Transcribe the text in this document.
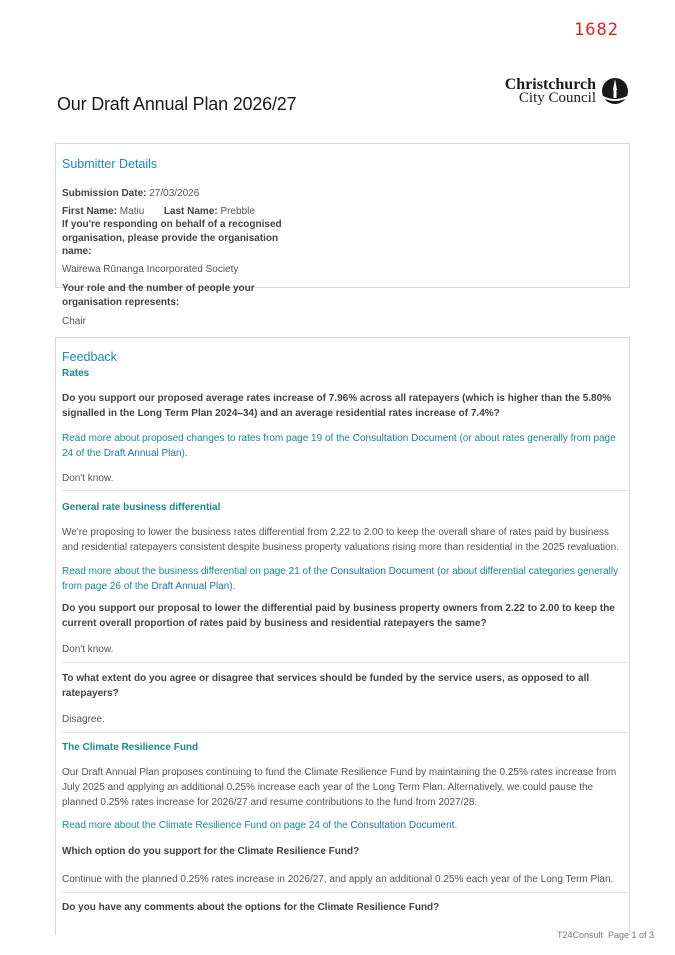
1682
Our Draft Annual Plan 2026/27
Christchurch
City Council
Submitter Details
Submission Date: 27/03/2026
First Name: Matiu Last Name: Prebble
If you're responding on behalf of a recognised organisation, please provide the organisation name:
Wairewa Rūnanga Incorporated Society
Your role and the number of people your organisation represents:
Chair
Feedback
Rates
Do you support our proposed average rates increase of 7.96% across all ratepayers (which is higher than the 5.80% signalled in the Long Term Plan 2024–34) and an average residential rates increase of 7.4%?
Read more about proposed changes to rates from page 19 of the Consultation Document (or about rates generally from page 24 of the Draft Annual Plan).
Don't know.
General rate business differential
We're proposing to lower the business rates differential from 2.22 to 2.00 to keep the overall share of rates paid by business and residential ratepayers consistent despite business property valuations rising more than residential in the 2025 revaluation.
Read more about the business differential on page 21 of the Consultation Document (or about differential categories generally from page 26 of the Draft Annual Plan).
Do you support our proposal to lower the differential paid by business property owners from 2.22 to 2.00 to keep the current overall proportion of rates paid by business and residential ratepayers the same?
Don't know.
To what extent do you agree or disagree that services should be funded by the service users, as opposed to all ratepayers?
Disagree.
The Climate Resilience Fund
Our Draft Annual Plan proposes continuing to fund the Climate Resilience Fund by maintaining the 0.25% rates increase from July 2025 and applying an additional 0.25% increase each year of the Long Term Plan. Alternatively, we could pause the planned 0.25% rates increase for 2026/27 and resume contributions to the fund from 2027/28.
Read more about the Climate Resilience Fund on page 24 of the Consultation Document.
Which option do you support for the Climate Resilience Fund?
Continue with the planned 0.25% rates increase in 2026/27, and apply an additional 0.25% each year of the Long Term Plan.
Do you have any comments about the options for the Climate Resilience Fund?
T24Consult  Page 1 of 3
